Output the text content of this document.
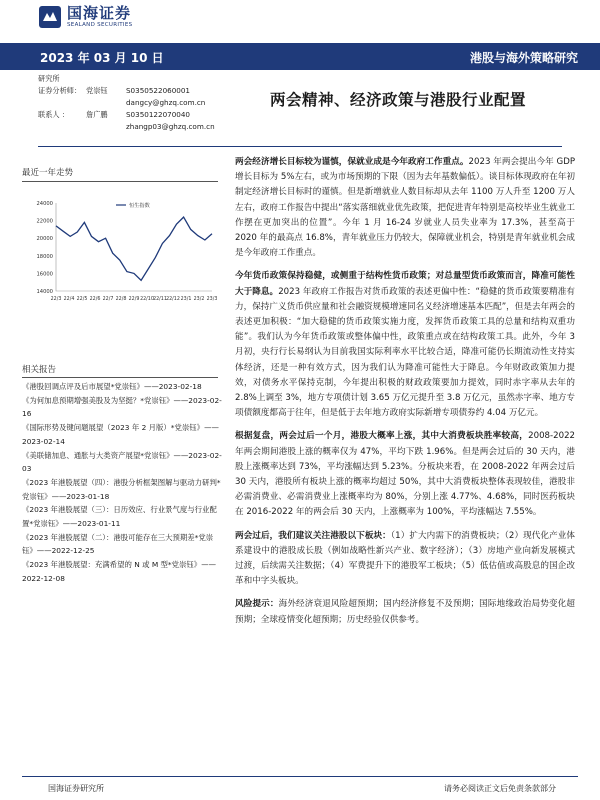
国海证券
SEALAND SECURITIES
2023 年 03 月 10 日	港股与海外策略研究
研究所
证券分析师： 党崇钰	S0350522060001
dangcy@ghzq.com.cn
联系人 ： 詹广鹏	S0350122070040
zhangp03@ghzq.com.cn
两会精神、经济政策与港股行业配置
最近一年走势
24000
22000
20000
18000
16000
14000
22/3 22/4 22/5 22/6 22/7 22/8 22/9 22/10 22/11 22/12 23/1 23/2 23/3
恒生指数
相关报告
《港股回调点评及后市展望*党崇钰》——2023-02-18
《为何加息预期增强美股及为坚挺？*党崇钰》——2023-02-16
《国际形势及键问题展望（2023 年 2 月版）*党崇钰》——2023-02-14
《美联储加息、通胀与大类资产展望*党崇钰》——2023-02-03
《2023 年港股展望（四）：港股分析框架图解与驱动力研判*党崇钰》——2023-01-18
《2023 年港股展望（三）：日历效应、行业景气度与行业配置*党崇钰》——2023-01-11
《2023 年港股展望（二）：港股可能存在三大预期差*党崇钰》——2022-12-25
《2023 年港股展望：充满希望的 N 或 M 型*党崇钰》——2022-12-08

两会经济增长目标较为谨慎，保就业成是今年政府工作重点。2023 年两会提出今年 GDP 增长目标为 5%左右，或为市场预期的下限（因为去年基数偏低）。谈目标体现政府在年初制定经济增长目标时的谨慎。但是新增就业人数目标却从去年 1100 万人升至 1200 万人左右，政府工作报告中提出“落实落细就业优先政策，把促进青年特别是高校毕业生就业工作摆在更加突出的位置”。今年 1 月 16-24 岁就业人员失业率为 17.3%，甚至高于 2020 年的最高点 16.8%，青年就业压力仍较大，保障就业机会，特别是青年就业机会成是今年政府工作重点。

今年货币政策保持稳健，或侧重于结构性货币政策；对总量型货币政策而言，降准可能性大于降息。2023 年政府工作报告对货币政策的表述更偏中性：“稳健的货币政策要精准有力，保持广义货币供应量和社会融资规模增速同名义经济增速基本匹配”，但是去年两会的表述更加积极：“加大稳健的货币政策实施力度，发挥货币政策工具的总量和结构双重功能”。我们认为今年货币政策或整体偏中性，政策重点或在结构政策工具。此外，今年 3 月初，央行行长易纲认为目前我国实际利率水平比较合适，降准可能仍长期流动性支持实体经济，还是一种有效方式，因为我们认为降准可能性大于降息。今年财政政策加力提效，对债务水平保持克制，今年提出积极的财政政策要加力提效，同时赤字率从去年的 2.8%上调至 3%，地方专项债计划 3.65 万亿元提升至 3.8 万亿元，虽然赤字率、地方专项债额度都高于往年，但是低于去年地方政府实际新增专项债券约 4.04 万亿元。

根据复盘，两会过后一个月，港股大概率上涨，其中大消费板块胜率较高，2008-2022 年两会期间港股上涨的概率仅为 47%，平均下跌 1.96%。但是两会过后的 30 天内，港股上涨概率达到 73%，平均涨幅达到 5.23%。分板块来看，在 2008-2022 年两会过后 30 天内，港股所有板块上涨的概率均超过 50%，其中大消费板块整体表现较佳，港股非必需消费业、必需消费业上涨概率均为 80%，分别上涨 4.77%、4.68%，同时医药板块在 2016-2022 年的两会后 30 天内，上涨概率为 100%，平均涨幅达 7.55%。

两会过后，我们建议关注港股以下板块：（1）扩大内需下的消费板块；（2）现代化产业体系建设中的港股成长股（例如战略性新兴产业、数字经济）；（3）房地产业向新发展模式过渡，后续需关注数据；（4）军费提升下的港股军工板块；（5）低估值或高股息的国企改革和中字头板块。

风险提示：海外经济衰退风险超预期；国内经济修复不及预期；国际地缘政治局势变化超预期；全球疫情变化超预期；历史经验仅供参考。

国海证券研究所	请务必阅读正文后免责条款部分
